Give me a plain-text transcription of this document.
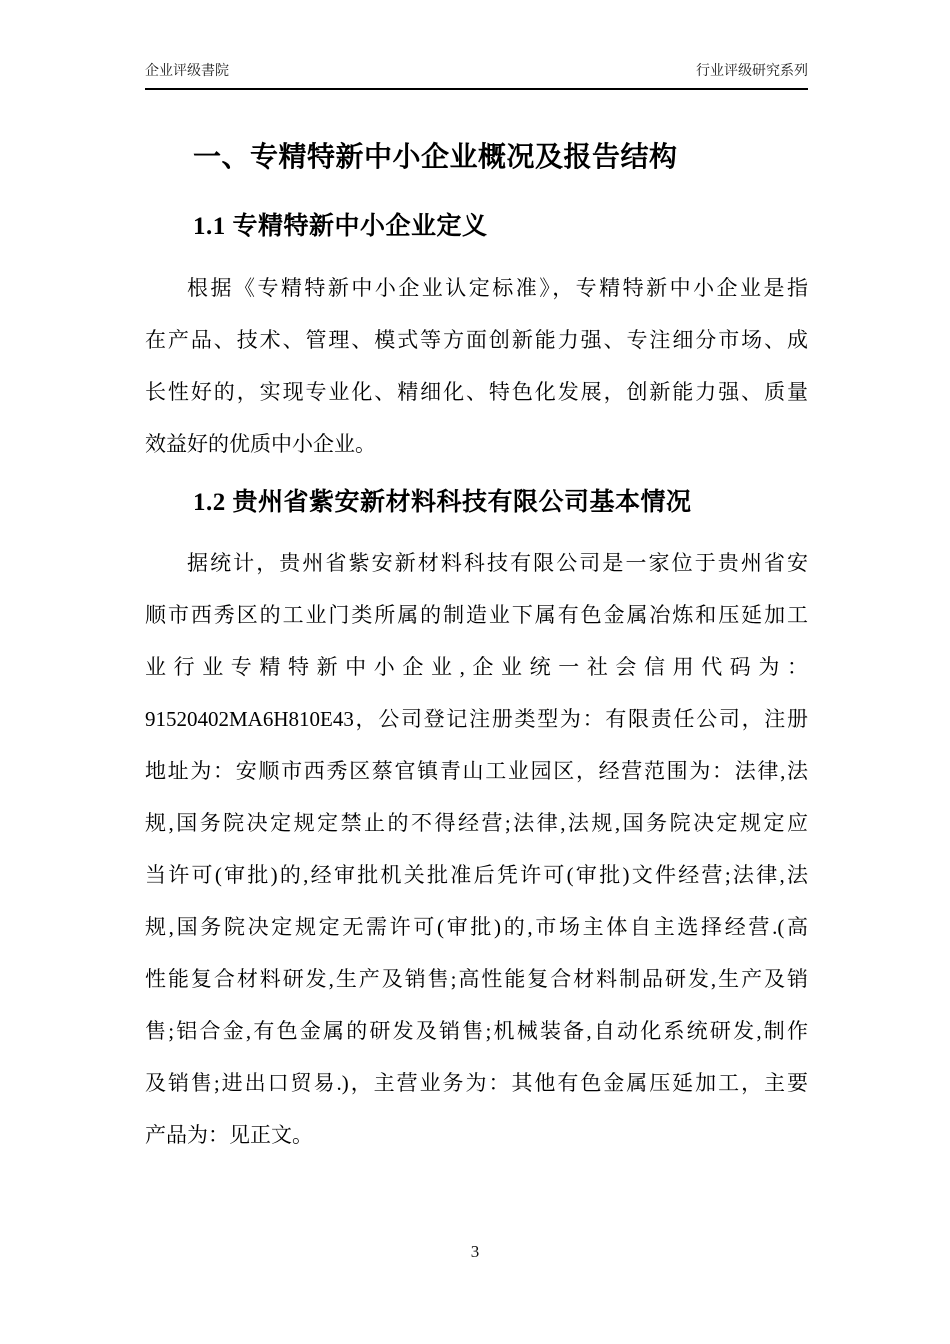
企业评级書院	行业评级研究系列
一、专精特新中小企业概况及报告结构
1.1 专精特新中小企业定义
根据《专精特新中小企业认定标准》，专精特新中小企业是指
在产品、技术、管理、模式等方面创新能力强、专注细分市场、成
长性好的，实现专业化、精细化、特色化发展，创新能力强、质量
效益好的优质中小企业。
1.2 贵州省紫安新材料科技有限公司基本情况
据统计，贵州省紫安新材料科技有限公司是一家位于贵州省安
顺市西秀区的工业门类所属的制造业下属有色金属冶炼和压延加工
业行业专精特新中小企业,企业统一社会信用代码为：
91520402MA6H810E43，公司登记注册类型为：有限责任公司，注册
地址为：安顺市西秀区蔡官镇青山工业园区，经营范围为：法律,法
规,国务院决定规定禁止的不得经营;法律,法规,国务院决定规定应
当许可(审批)的,经审批机关批准后凭许可(审批)文件经营;法律,法
规,国务院决定规定无需许可(审批)的,市场主体自主选择经营.(高
性能复合材料研发,生产及销售;高性能复合材料制品研发,生产及销
售;铝合金,有色金属的研发及销售;机械装备,自动化系统研发,制作
及销售;进出口贸易.)，主营业务为：其他有色金属压延加工，主要
产品为：见正文。
3
